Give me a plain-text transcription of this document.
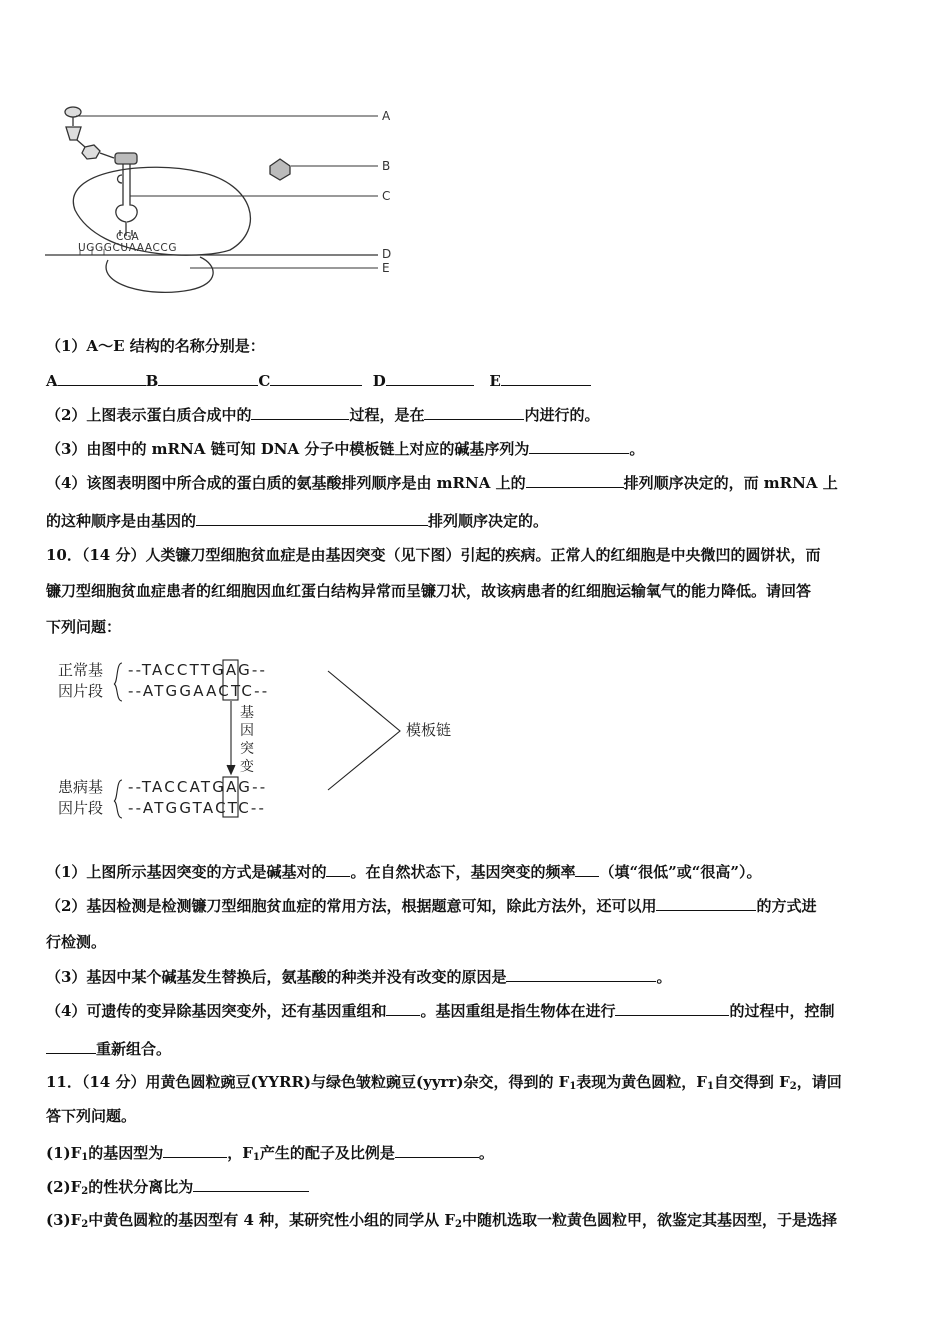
CGA
UGGGCUAAACCG
A
B
C
D
E
（1）A～E 结构的名称分别是：
A	B	C	D	E
（2）上图表示蛋白质合成中的	过程，是在	内进行的。
（3）由图中的 mRNA 链可知 DNA 分子中模板链上对应的碱基序列为	。
（4）该图表明图中所合成的蛋白质的氨基酸排列顺序是由 mRNA 上的	排列顺序决定的，而 mRNA 上
的这种顺序是由基因的	排列顺序决定的。
10．（14 分）人类镰刀型细胞贫血症是由基因突变（见下图）引起的疾病。正常人的红细胞是中央微凹的圆饼状，而
镰刀型细胞贫血症患者的红细胞因血红蛋白结构异常而呈镰刀状，故该病患者的红细胞运输氧气的能力降低。请回答
下列问题：
正常基
因片段
--TACCTTGAG--
--ATGGAACTC--
患病基
因片段
--TACCATGAG--
--ATGGTACTC--
基
因
突
变
模板链
（1）上图所示基因突变的方式是碱基对的 。在自然状态下，基因突变的频率 （填“很低”或“很高”）。
（2）基因检测是检测镰刀型细胞贫血症的常用方法，根据题意可知，除此方法外，还可以用	的方式进
行检测。
（3）基因中某个碱基发生替换后，氨基酸的种类并没有改变的原因是	。
（4）可遗传的变异除基因突变外，还有基因重组和 。基因重组是指生物体在进行	的过程中，控制
重新组合。
11．（14 分）用黄色圆粒豌豆(YYRR)与绿色皱粒豌豆(yyrr)杂交，得到的 $F_1$表现为黄色圆粒，$F_1$自交得到 $F_2$，请回
答下列问题。
$(1)F_1$的基因型为	，$F_1$产生的配子及比例是	。
$(2)F_2$的性状分离比为
$(3)F_2$中黄色圆粒的基因型有 4 种，某研究性小组的同学从 $F_2$中随机选取一粒黄色圆粒甲，欲鉴定其基因型，于是选择
